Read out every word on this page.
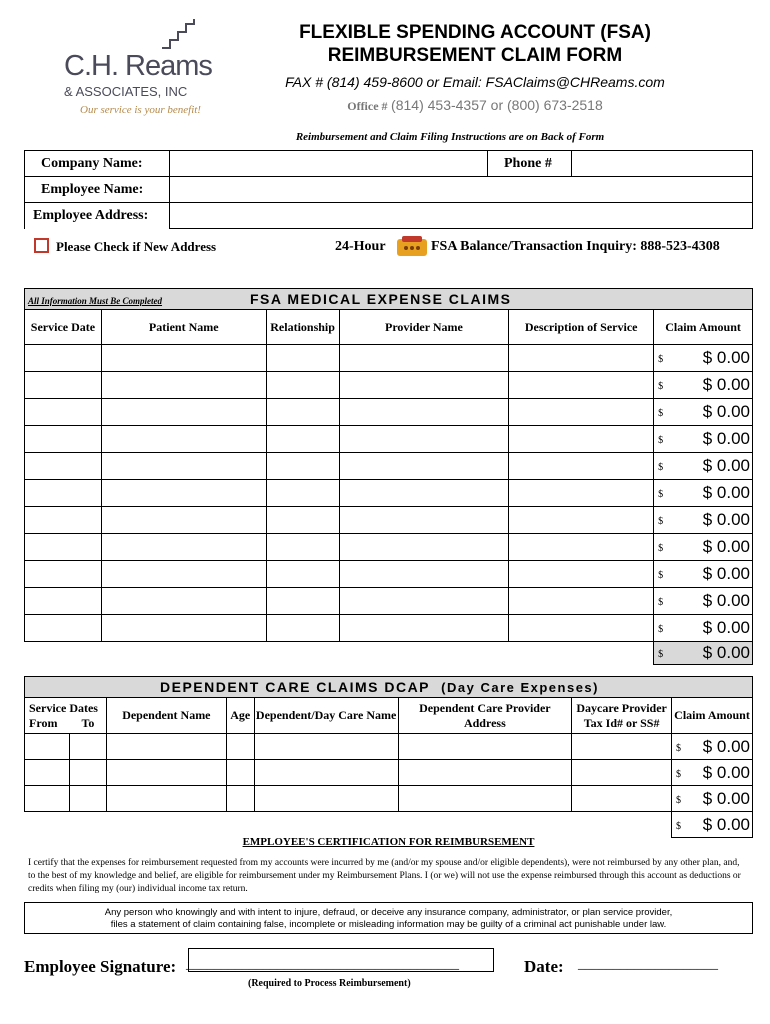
C.H. Reams
& ASSOCIATES, INC
Our service is your benefit!
FLEXIBLE SPENDING ACCOUNT (FSA)
REIMBURSEMENT CLAIM FORM
FAX # (814) 459-8600 or Email: FSAClaims@CHReams.com
Office # (814) 453-4357 or (800) 673-2518
Reimbursement and Claim Filing Instructions are on Back of Form
Company Name:	Phone #
Employee Name:
Employee Address:
Please Check if New Address	24-Hour	FSA Balance/Transaction Inquiry: 888-523-4308
All Information Must Be Completed	FSA MEDICAL EXPENSE CLAIMS
Service Date	Patient Name	Relationship	Provider Name	Description of Service	Claim Amount

					$ $ 0.00

					$ $ 0.00

					$ $ 0.00

					$ $ 0.00

					$ $ 0.00

					$ $ 0.00

					$ $ 0.00

					$ $ 0.00

					$ $ 0.00

					$ $ 0.00

					$ $ 0.00

					$ $ 0.00
DEPENDENT CARE CLAIMS DCAP (Day Care Expenses)
Service Dates
From To	Dependent Name	Age	Dependent/Day Care Name	Dependent Care Provider Address	Daycare Provider Tax Id# or SS#	Claim Amount

						$ $ 0.00

						$ $ 0.00

						$ $ 0.00

						$ $ 0.00
EMPLOYEE'S CERTIFICATION FOR REIMBURSEMENT
I certify that the expenses for reimbursement requested from my accounts were incurred by me (and/or my spouse and/or eligible dependents), were not reimbursed by any other plan, and, to the best of my knowledge and belief, are eligible for reimbursement under my Reimbursement Plans. I (or we) will not use the expense reimbursed through this account as deductions or credits when filing my (our) individual income tax return.
Any person who knowingly and with intent to injure, defraud, or deceive any insurance company, administrator, or plan service provider,
files a statement of claim containing false, incomplete or misleading information may be guilty of a criminal act punishable under law.
Employee Signature: _______________________________________	Date: ____________________
(Required to Process Reimbursement)
